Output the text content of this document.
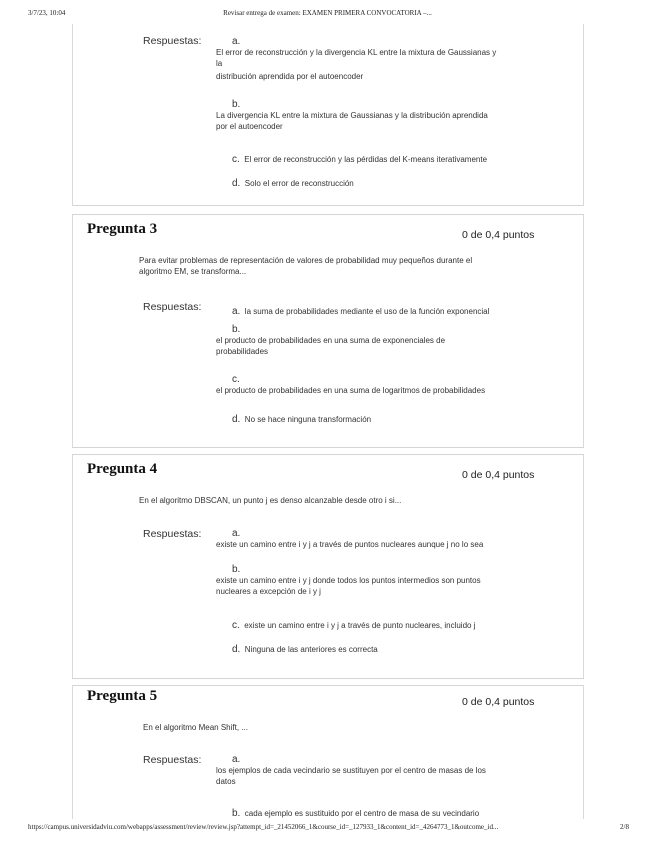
3/7/23, 10:04	Revisar entrega de examen: EXAMEN PRIMERA CONVOCATORIA –...
Respuestas:	a.
El error de reconstrucción y la divergencia KL entre la mixtura de Gaussianas y
la
distribución aprendida por el autoencoder
b.
La divergencia KL entre la mixtura de Gaussianas y la distribución aprendida
por el autoencoder
c. El error de reconstrucción y las pérdidas del K-means iterativamente
d. Solo el error de reconstrucción
Pregunta 3	0 de 0,4 puntos
Para evitar problemas de representación de valores de probabilidad muy pequeños durante el
algoritmo EM, se transforma...
Respuestas:	a. la suma de probabilidades mediante el uso de la función exponencial
b.
el producto de probabilidades en una suma de exponenciales de
probabilidades
c.
el producto de probabilidades en una suma de logaritmos de probabilidades
d. No se hace ninguna transformación
Pregunta 4	0 de 0,4 puntos
En el algoritmo DBSCAN, un punto j es denso alcanzable desde otro i si...
Respuestas:	a.
existe un camino entre i y j a través de puntos nucleares aunque j no lo sea
b.
existe un camino entre i y j donde todos los puntos intermedios son puntos
nucleares a excepción de i y j
c. existe un camino entre i y j a través de punto nucleares, incluido j
d. Ninguna de las anteriores es correcta
Pregunta 5	0 de 0,4 puntos
En el algoritmo Mean Shift, ...
Respuestas:	a.
los ejemplos de cada vecindario se sustituyen por el centro de masas de los
datos
b. cada ejemplo es sustituido por el centro de masa de su vecindario
https://campus.universidadviu.com/webapps/assessment/review/review.jsp?attempt_id=_21452066_1&course_id=_127933_1&content_id=_4264773_1&outcome_id...	2/8
